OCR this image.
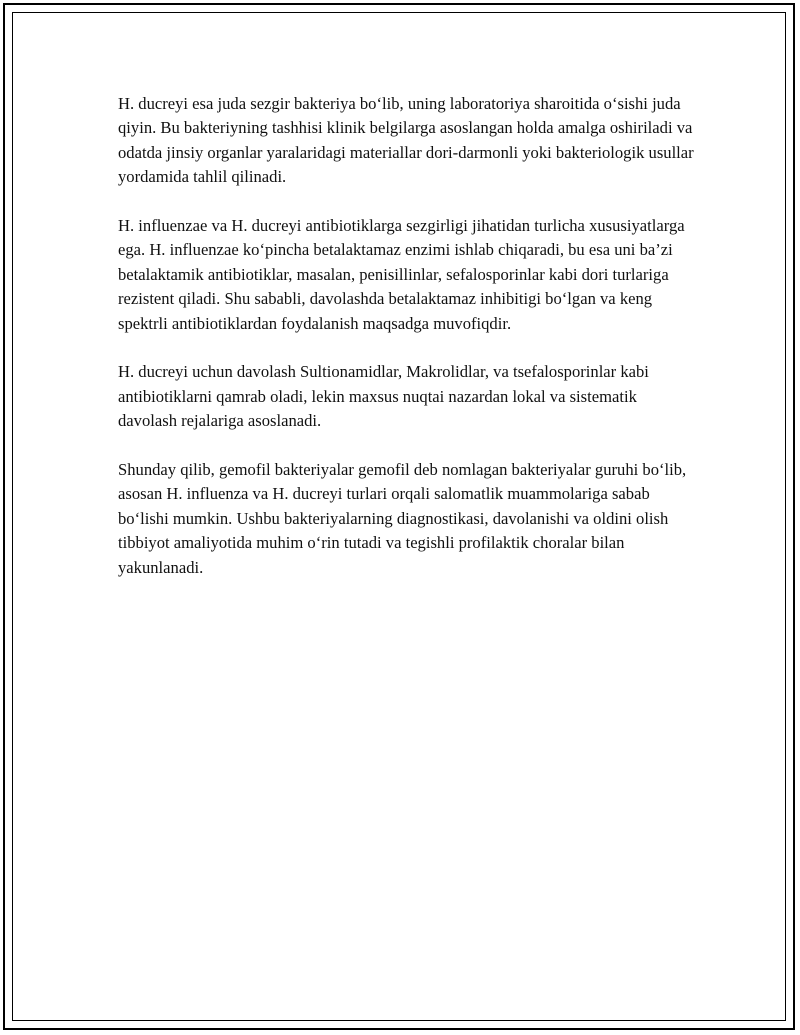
H. ducreyi esa juda sezgir bakteriya bo‘lib, uning laboratoriya sharoitida o‘sishi juda qiyin. Bu bakteriyning tashhisi klinik belgilarga asoslangan holda amalga oshiriladi va odatda jinsiy organlar yaralaridagi materiallar dori-darmonli yoki bakteriologik usullar yordamida tahlil qilinadi.

H. influenzae va H. ducreyi antibiotiklarga sezgirligi jihatidan turlicha xususiyatlarga ega. H. influenzae ko‘pincha betalaktamaz enzimi ishlab chiqaradi, bu esa uni ba’zi betalaktamik antibiotiklar, masalan, penisillinlar, sefalosporinlar kabi dori turlariga rezistent qiladi. Shu sababli, davolashda betalaktamaz inhibitigi bo‘lgan va keng spektrli antibiotiklardan foydalanish maqsadga muvofiqdir.

H. ducreyi uchun davolash Sultionamidlar, Makrolidlar, va tsefalosporinlar kabi antibiotiklarni qamrab oladi, lekin maxsus nuqtai nazardan lokal va sistematik davolash rejalariga asoslanadi.

Shunday qilib, gemofil bakteriyalar gemofil deb nomlagan bakteriyalar guruhi bo‘lib, asosan H. influenza va H. ducreyi turlari orqali salomatlik muammolariga sabab bo‘lishi mumkin. Ushbu bakteriyalarning diagnostikasi, davolanishi va oldini olish tibbiyot amaliyotida muhim o‘rin tutadi va tegishli profilaktik choralar bilan yakunlanadi.
